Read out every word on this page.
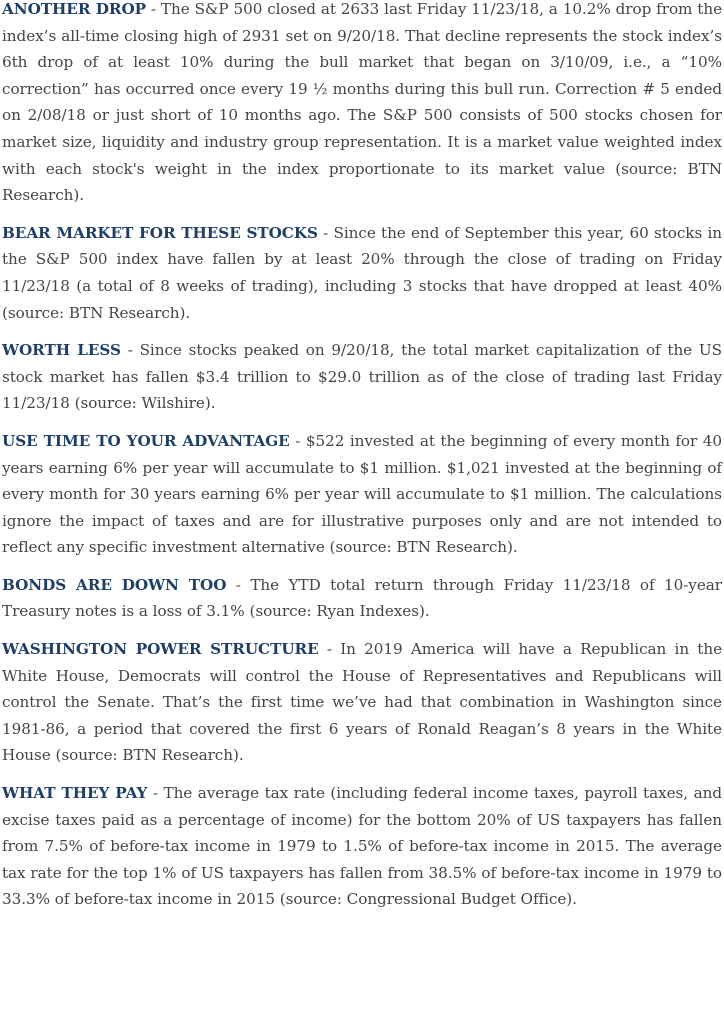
ANOTHER DROP - The S&P 500 closed at 2633 last Friday 11/23/18, a 10.2% drop from the index’s all-time closing high of 2931 set on 9/20/18. That decline represents the stock index’s 6th drop of at least 10% during the bull market that began on 3/10/09, i.e., a “10% correction” has occurred once every 19 ½ months during this bull run. Correction # 5 ended on 2/08/18 or just short of 10 months ago. The S&P 500 consists of 500 stocks chosen for market size, liquidity and industry group representation. It is a market value weighted index with each stock's weight in the index proportionate to its market value (source: BTN Research).

BEAR MARKET FOR THESE STOCKS - Since the end of September this year, 60 stocks in the S&P 500 index have fallen by at least 20% through the close of trading on Friday 11/23/18 (a total of 8 weeks of trading), including 3 stocks that have dropped at least 40% (source: BTN Research).

WORTH LESS - Since stocks peaked on 9/20/18, the total market capitalization of the US stock market has fallen $3.4 trillion to $29.0 trillion as of the close of trading last Friday 11/23/18 (source: Wilshire).

USE TIME TO YOUR ADVANTAGE - $522 invested at the beginning of every month for 40 years earning 6% per year will accumulate to $1 million. $1,021 invested at the beginning of every month for 30 years earning 6% per year will accumulate to $1 million. The calculations ignore the impact of taxes and are for illustrative purposes only and are not intended to reflect any specific investment alternative (source: BTN Research).

BONDS ARE DOWN TOO - The YTD total return through Friday 11/23/18 of 10-year Treasury notes is a loss of 3.1% (source: Ryan Indexes).

WASHINGTON POWER STRUCTURE - In 2019 America will have a Republican in the White House, Democrats will control the House of Representatives and Republicans will control the Senate. That’s the first time we’ve had that combination in Washington since 1981-86, a period that covered the first 6 years of Ronald Reagan’s 8 years in the White House (source: BTN Research).

WHAT THEY PAY - The average tax rate (including federal income taxes, payroll taxes, and excise taxes paid as a percentage of income) for the bottom 20% of US taxpayers has fallen from 7.5% of before-tax income in 1979 to 1.5% of before-tax income in 2015. The average tax rate for the top 1% of US taxpayers has fallen from 38.5% of before-tax income in 1979 to 33.3% of before-tax income in 2015 (source: Congressional Budget Office).
